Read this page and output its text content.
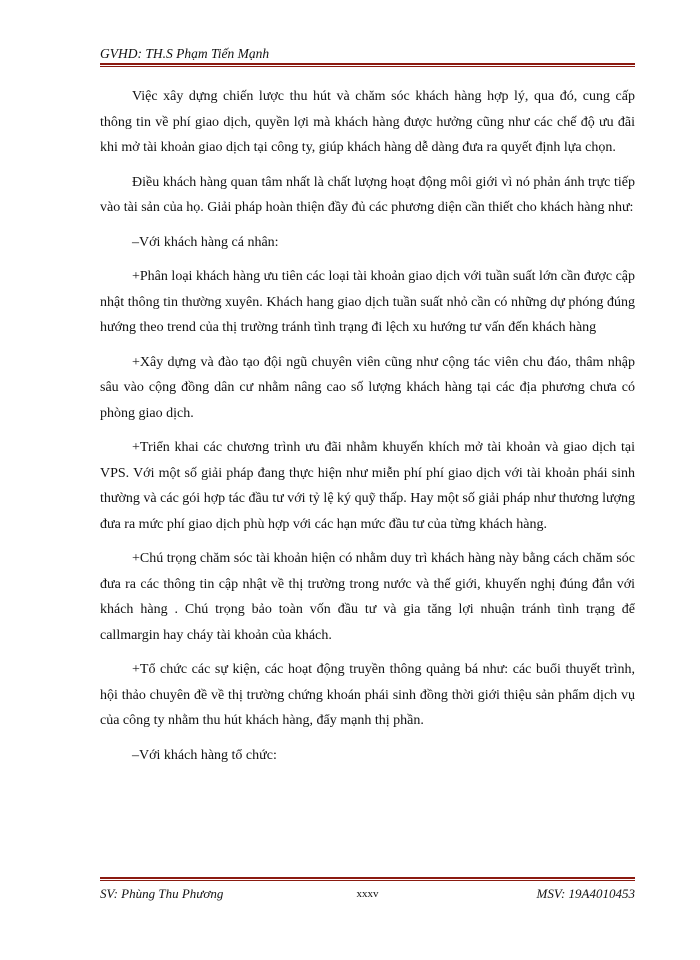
GVHD: TH.S Phạm Tiến Mạnh

Việc xây dựng chiến lược thu hút và chăm sóc khách hàng hợp lý, qua đó, cung cấp thông tin về phí giao dịch, quyền lợi mà khách hàng được hưởng cũng như các chế độ ưu đãi khi mở tài khoản giao dịch tại công ty, giúp khách hàng dễ dàng đưa ra quyết định lựa chọn.

Điều khách hàng quan tâm nhất là chất lượng hoạt động môi giới vì nó phản ánh trực tiếp vào tài sản của họ. Giải pháp hoàn thiện đầy đủ các phương diện cần thiết cho khách hàng như:

–Với khách hàng cá nhân:

+Phân loại khách hàng ưu tiên các loại tài khoản giao dịch với tuần suất lớn cần được cập nhật thông tin thường xuyên. Khách hang giao dịch tuần suất nhỏ cần có những dự phóng đúng hướng theo trend của thị trường tránh tình trạng đi lệch xu hướng tư vấn đến khách hàng

+Xây dựng và đào tạo đội ngũ chuyên viên cũng như cộng tác viên chu đáo, thâm nhập sâu vào cộng đồng dân cư nhằm nâng cao số lượng khách hàng tại các địa phương chưa có phòng giao dịch.

+Triển khai các chương trình ưu đãi nhằm khuyến khích mở tài khoản và giao dịch tại VPS. Với một số giải pháp đang thực hiện như miễn phí phí giao dịch với tài khoản phái sinh thường và các gói hợp tác đầu tư với tỷ lệ ký quỹ thấp. Hay một số giải pháp như thương lượng đưa ra mức phí giao dịch phù hợp với các hạn mức đầu tư của từng khách hàng.

+Chú trọng chăm sóc tài khoản hiện có nhằm duy trì khách hàng này bằng cách chăm sóc đưa ra các thông tin cập nhật về thị trường trong nước và thế giới, khuyến nghị đúng đắn với khách hàng . Chú trọng bảo toàn vốn đầu tư và gia tăng lợi nhuận tránh tình trạng để callmargin hay cháy tài khoản của khách.

+Tổ chức các sự kiện, các hoạt động truyền thông quảng bá như: các buổi thuyết trình, hội thảo chuyên đề về thị trường chứng khoán phái sinh đồng thời giới thiệu sản phẩm dịch vụ của công ty nhằm thu hút khách hàng, đẩy mạnh thị phần.

–Với khách hàng tổ chức:

SV: Phùng Thu Phương	xxxv	MSV: 19A4010453
